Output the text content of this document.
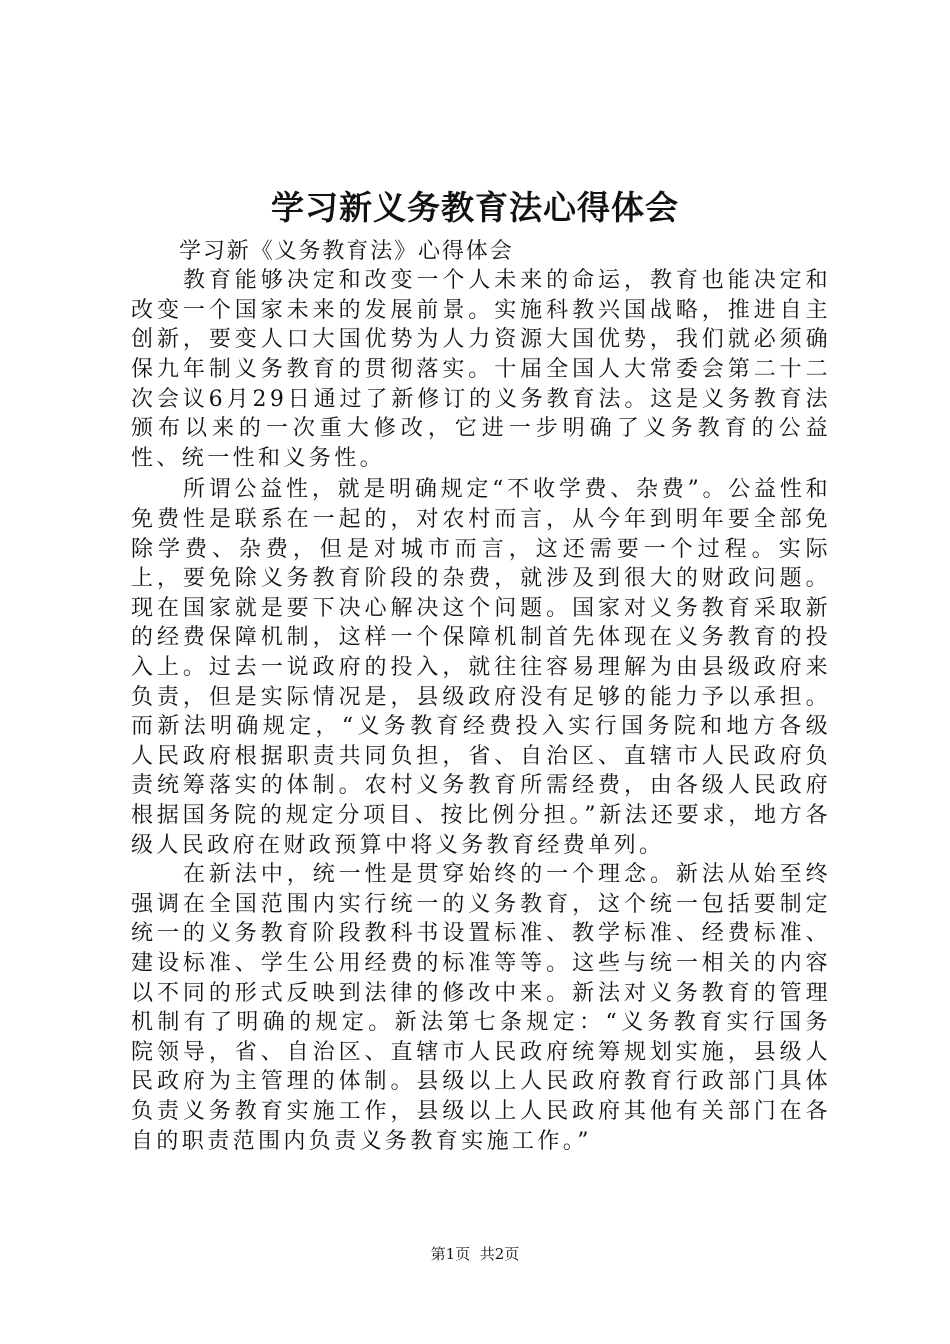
学习新义务教育法心得体会

学习新《义务教育法》心得体会

教育能够决定和改变一个人未来的命运，教育也能决定和改变一个国家未来的发展前景。实施科教兴国战略，推进自主创新，要变人口大国优势为人力资源大国优势，我们就必须确保九年制义务教育的贯彻落实。十届全国人大常委会第二十二次会议6月29日通过了新修订的义务教育法。这是义务教育法颁布以来的一次重大修改，它进一步明确了义务教育的公益性、统一性和义务性。

所谓公益性，就是明确规定“不收学费、杂费”。公益性和免费性是联系在一起的，对农村而言，从今年到明年要全部免除学费、杂费，但是对城市而言，这还需要一个过程。实际上，要免除义务教育阶段的杂费，就涉及到很大的财政问题。现在国家就是要下决心解决这个问题。国家对义务教育采取新的经费保障机制，这样一个保障机制首先体现在义务教育的投入上。过去一说政府的投入，就往往容易理解为由县级政府来负责，但是实际情况是，县级政府没有足够的能力予以承担。而新法明确规定，“义务教育经费投入实行国务院和地方各级人民政府根据职责共同负担，省、自治区、直辖市人民政府负责统筹落实的体制。农村义务教育所需经费，由各级人民政府根据国务院的规定分项目、按比例分担。”新法还要求，地方各级人民政府在财政预算中将义务教育经费单列。

在新法中，统一性是贯穿始终的一个理念。新法从始至终强调在全国范围内实行统一的义务教育，这个统一包括要制定统一的义务教育阶段教科书设置标准、教学标准、经费标准、建设标准、学生公用经费的标准等等。这些与统一相关的内容以不同的形式反映到法律的修改中来。新法对义务教育的管理机制有了明确的规定。新法第七条规定：“义务教育实行国务院领导，省、自治区、直辖市人民政府统筹规划实施，县级人民政府为主管理的体制。县级以上人民政府教育行政部门具体负责义务教育实施工作，县级以上人民政府其他有关部门在各自的职责范围内负责义务教育实施工作。”

第1页 共2页
